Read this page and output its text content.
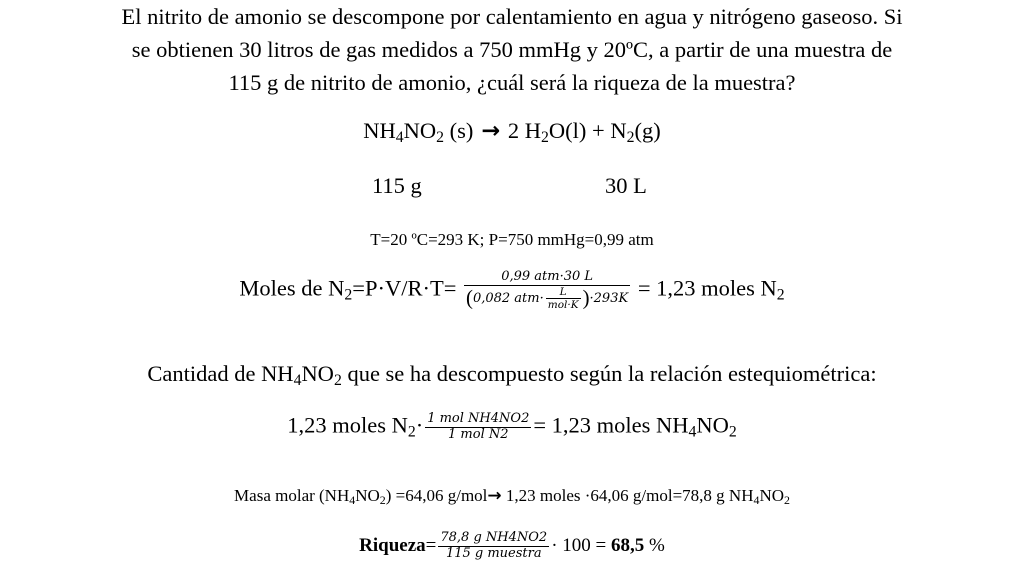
El nitrito de amonio se descompone por calentamiento en agua y nitrógeno gaseoso. Si
se obtienen 30 litros de gas medidos a 750 mmHg y 20ºC, a partir de una muestra de
115 g de nitrito de amonio, ¿cuál será la riqueza de la muestra?
$NH_4NO_2$ (s) → 2 $H_2O(l) + N_2(g)$
115 g	30 L
T=20 ºC=293 K; P=750 mmHg=0,99 atm
Moles de $N_2=P\cdot V/R\cdot T= \frac{\text{0,99 atm·30 L}}{(0,082 atm\cdot \frac{L}{\text{mol·K}} )\cdot 293K} = 1,23$ moles $N_2$
Cantidad de $NH_4NO_2$ que se ha descompuesto según la relación estequiométrica:
1,23 moles $N_2\cdot \frac{\text{1 mol NH4NO2}}{\text{1 mol N2}} = 1,23$ moles $NH_4NO_2$
Masa molar $(NH_4NO_2) =64,06$ g/mol→ 1,23 moles ·64,06 g/mol=78,8 g $NH_4NO_2$
Riqueza= $\frac{\text{78,8 g NH4NO2}}{\text{115 g muestra}} \cdot 100 = 68,5$ %
